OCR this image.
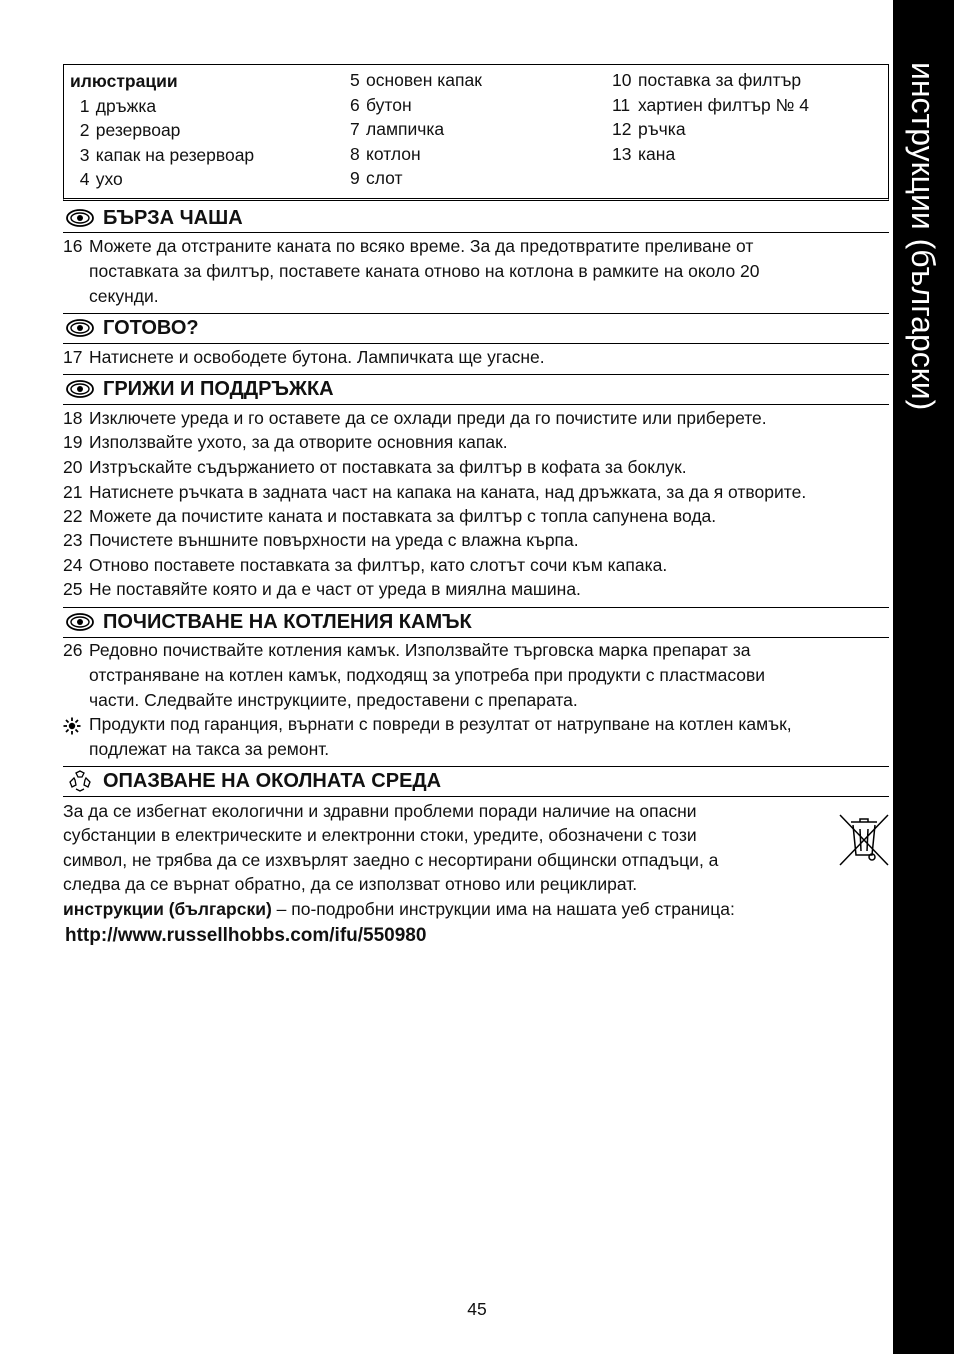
инструкции (български)
илюстрации
1 дръжка
2 резервоар
3 капак на резервоар
4 ухо
5 основен капак
6 бутон
7 лампичка
8 котлон
9 слот
10 поставка за филтър
11 хартиен филтър № 4
12 ръчка
13 кана
БЪРЗА ЧАША
16 Можете да отстраните каната по всяко време. За да предотвратите преливане от
поставката за филтър, поставете каната отново на котлона в рамките на около 20
секунди.
ГОТОВО?
17 Натиснете и освободете бутона. Лампичката ще угасне.
ГРИЖИ И ПОДДРЪЖКА
18 Изключете уреда и го оставете да се охлади преди да го почистите или приберете.
19 Използвайте ухото, за да отворите основния капак.
20 Изтръскайте съдържанието от поставката за филтър в кофата за боклук.
21 Натиснете ръчката в задната част на капака на каната, над дръжката, за да я отворите.
22 Можете да почистите каната и поставката за филтър с топла сапунена вода.
23 Почистете външните повърхности на уреда с влажна кърпа.
24 Отново поставете поставката за филтър, като слотът сочи към капака.
25 Не поставяйте която и да е част от уреда в миялна машина.
ПОЧИСТВАНЕ НА КОТЛЕНИЯ КАМЪК
26 Редовно почиствайте котления камък. Използвайте търговска марка препарат за
отстраняване на котлен камък, подходящ за употреба при продукти с пластмасови
части. Следвайте инструкциите, предоставени с препарата.
Продукти под гаранция, върнати с повреди в резултат от натрупване на котлен камък,
подлежат на такса за ремонт.
ОПАЗВАНЕ НА ОКОЛНАТА СРЕДА
За да се избегнат екологични и здравни проблеми поради наличие на опасни
субстанции в електрическите и електронни стоки, уредите, обозначени с този
символ, не трябва да се изхвърлят заедно с несортирани общински отпадъци, а
следва да се върнат обратно, да се използват отново или рециклират.
инструкции (български) – по-подробни инструкции има на нашата уеб страница:
http://www.russellhobbs.com/ifu/550980
45
